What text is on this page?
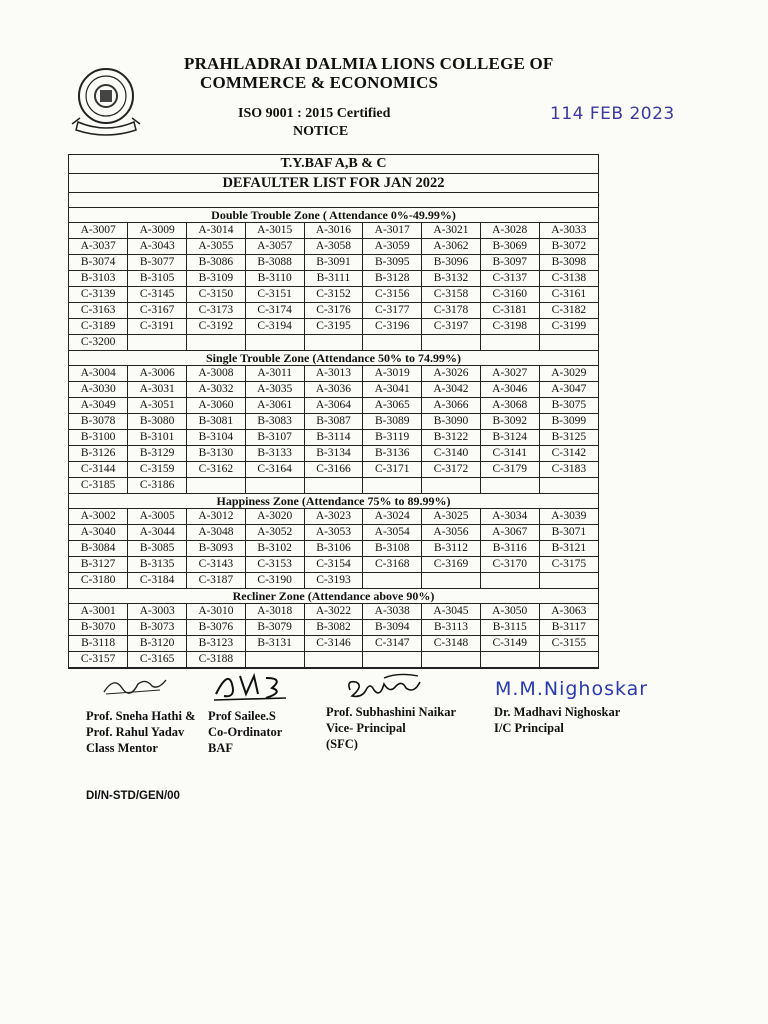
PRAHLADRAI DALMIA LIONS COLLEGE OF
COMMERCE & ECONOMICS
ISO 9001 : 2015 Certified
NOTICE
114 FEB 2023
T.Y.BAF A,B & C
DEFAULTER LIST FOR JAN 2022
Double Trouble Zone ( Attendance 0%-49.99%)
A-3007	A-3009	A-3014	A-3015	A-3016	A-3017	A-3021	A-3028	A-3033
A-3037	A-3043	A-3055	A-3057	A-3058	A-3059	A-3062	B-3069	B-3072
B-3074	B-3077	B-3086	B-3088	B-3091	B-3095	B-3096	B-3097	B-3098
B-3103	B-3105	B-3109	B-3110	B-3111	B-3128	B-3132	C-3137	C-3138
C-3139	C-3145	C-3150	C-3151	C-3152	C-3156	C-3158	C-3160	C-3161
C-3163	C-3167	C-3173	C-3174	C-3176	C-3177	C-3178	C-3181	C-3182
C-3189	C-3191	C-3192	C-3194	C-3195	C-3196	C-3197	C-3198	C-3199
C-3200								
Single Trouble Zone (Attendance 50% to 74.99%)
A-3004	A-3006	A-3008	A-3011	A-3013	A-3019	A-3026	A-3027	A-3029
A-3030	A-3031	A-3032	A-3035	A-3036	A-3041	A-3042	A-3046	A-3047
A-3049	A-3051	A-3060	A-3061	A-3064	A-3065	A-3066	A-3068	B-3075
B-3078	B-3080	B-3081	B-3083	B-3087	B-3089	B-3090	B-3092	B-3099
B-3100	B-3101	B-3104	B-3107	B-3114	B-3119	B-3122	B-3124	B-3125
B-3126	B-3129	B-3130	B-3133	B-3134	B-3136	C-3140	C-3141	C-3142
C-3144	C-3159	C-3162	C-3164	C-3166	C-3171	C-3172	C-3179	C-3183
C-3185	C-3186							
Happiness Zone (Attendance 75% to 89.99%)
A-3002	A-3005	A-3012	A-3020	A-3023	A-3024	A-3025	A-3034	A-3039
A-3040	A-3044	A-3048	A-3052	A-3053	A-3054	A-3056	A-3067	B-3071
B-3084	B-3085	B-3093	B-3102	B-3106	B-3108	B-3112	B-3116	B-3121
B-3127	B-3135	C-3143	C-3153	C-3154	C-3168	C-3169	C-3170	C-3175
C-3180	C-3184	C-3187	C-3190	C-3193				
Recliner Zone (Attendance above 90%)
A-3001	A-3003	A-3010	A-3018	A-3022	A-3038	A-3045	A-3050	A-3063
B-3070	B-3073	B-3076	B-3079	B-3082	B-3094	B-3113	B-3115	B-3117
B-3118	B-3120	B-3123	B-3131	C-3146	C-3147	C-3148	C-3149	C-3155
C-3157	C-3165	C-3188						
M.M.Nighoskar
Prof. Sneha Hathi &
Prof. Rahul Yadav
Class Mentor
Prof Sailee.S
Co-Ordinator
BAF
Prof. Subhashini Naikar
Vice- Principal
(SFC)
Dr. Madhavi Nighoskar
I/C Principal
DI/N-STD/GEN/00
